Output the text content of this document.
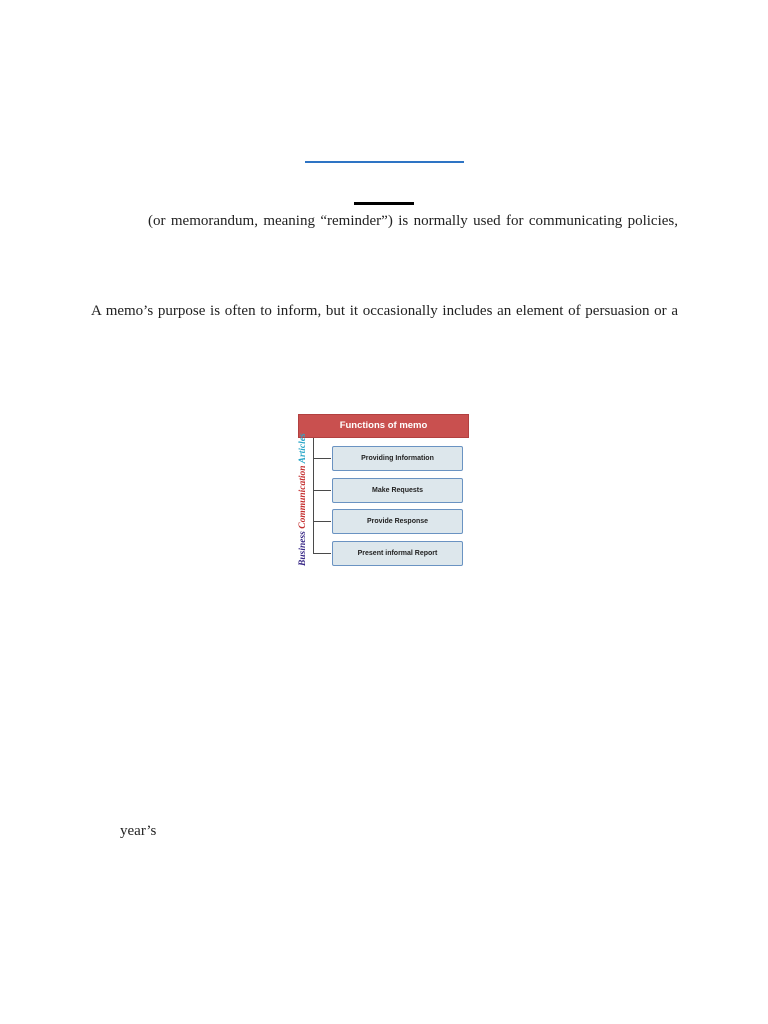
(or memorandum, meaning “reminder”) is normally used for communicating policies,
A memo’s purpose is often to inform, but it occasionally includes an element of persuasion or a
Functions of memo
Business Communication Articles	Providing Information
Make Requests
Provide Response
Present informal Report
year’s
